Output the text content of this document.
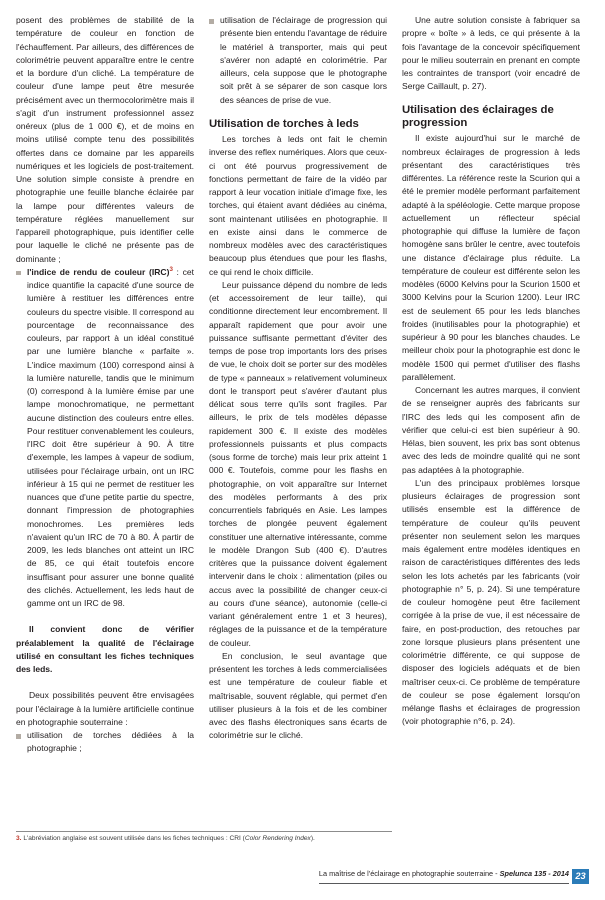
posent des problèmes de stabilité de la température de couleur en fonction de l'échauffement. Par ailleurs, des différences de colorimétrie peuvent apparaître entre le centre et la bordure d'un cliché. La température de couleur d'une lampe peut être mesurée précisément avec un thermocolorimètre mais il s'agit d'un instrument professionnel assez onéreux (plus de 1 000 €), et de moins en moins utilisé compte tenu des possibilités offertes dans ce domaine par les appareils numériques et les logiciels de post-traitement. Une solution simple consiste à prendre en photographie une feuille blanche éclairée par la lampe pour différentes valeurs de température réglées manuellement sur l'appareil photographique, puis identifier celle pour laquelle le cliché ne présente pas de dominante ;

l'indice de rendu de couleur (IRC)$^3$ : cet indice quantifie la capacité d'une source de lumière à restituer les différences entre couleurs du spectre visible. Il correspond au pourcentage de reconnaissance des couleurs, par rapport à un idéal constitué par une lumière blanche « parfaite ». L'indice maximum (100) correspond ainsi à la lumière naturelle, tandis que le minimum (0) correspond à la lumière émise par une lampe monochromatique, ne permettant aucune distinction des couleurs entre elles. Pour restituer convenablement les couleurs, l'IRC doit être supérieur à 90. À titre d'exemple, les lampes à vapeur de sodium, utilisées pour l'éclairage urbain, ont un IRC inférieur à 15 qui ne permet de restituer les nuances que d'une petite partie du spectre, donnant l'impression de photographies monochromes. Les premières leds n'avaient qu'un IRC de 70 à 80. À partir de 2009, les leds blanches ont atteint un IRC de 85, ce qui était toutefois encore insuffisant pour assurer une bonne qualité des clichés. Actuellement, les leds haut de gamme ont un IRC de 98.

Il convient donc de vérifier préalablement la qualité de l'éclairage utilisé en consultant les fiches techniques des leds.

Deux possibilités peuvent être envisagées pour l'éclairage à la lumière artificielle continue en photographie souterraine :

utilisation de torches dédiées à la photographie ;
utilisation de l'éclairage de progression qui présente bien entendu l'avantage de réduire le matériel à transporter, mais qui peut s'avérer non adapté en colorimétrie. Par ailleurs, cela suppose que le photographe soit prêt à se séparer de son casque lors des séances de prise de vue.
Utilisation de torches à leds

Les torches à leds ont fait le chemin inverse des reflex numériques. Alors que ceux-ci ont été pourvus progressivement de fonctions permettant de faire de la vidéo par rapport à leur vocation initiale d'image fixe, les torches, qui étaient avant dédiées au cinéma, sont maintenant utilisées en photographie. Il en existe ainsi dans le commerce de nombreux modèles avec des caractéristiques beaucoup plus étendues que pour les flashs, ce qui rend le choix difficile.

Leur puissance dépend du nombre de leds (et accessoirement de leur taille), qui conditionne directement leur encombrement. Il apparaît rapidement que pour avoir une puissance suffisante permettant d'éviter des temps de pose trop importants lors des prises de vue, le choix doit se porter sur des modèles de type « panneaux » relativement volumineux dont le transport peut s'avérer d'autant plus délicat sous terre qu'ils sont fragiles. Par ailleurs, le prix de tels modèles dépasse rapidement 300 €. Il existe des modèles professionnels puissants et plus compacts (sous forme de torche) mais leur prix atteint 1 000 €. Toutefois, comme pour les flashs en photographie, on voit apparaître sur Internet des modèles performants à des prix concurrentiels fabriqués en Asie. Les lampes torches de plongée peuvent également constituer une alternative intéressante, comme le modèle Drangon Sub (400 €). D'autres critères que la puissance doivent également intervenir dans le choix : alimentation (piles ou accus avec la possibilité de changer ceux-ci au cours d'une séance), autonomie (celle-ci variant généralement entre 1 et 3 heures), réglages de la puissance et de la température de couleur.

En conclusion, le seul avantage que présentent les torches à leds commercialisées est une température de couleur fiable et maîtrisable, souvent réglable, qui permet d'en utiliser plusieurs à la fois et de les combiner avec des flashs électroniques sans écarts de colorimétrie sur le cliché.

Une autre solution consiste à fabriquer sa propre « boîte » à leds, ce qui présente à la fois l'avantage de la concevoir spécifiquement pour le milieu souterrain en prenant en compte les contraintes de transport (voir encadré de Serge Caillault, p. 27).

Utilisation des éclairages de progression

Il existe aujourd'hui sur le marché de nombreux éclairages de progression à leds présentant des caractéristiques très différentes. La référence reste la Scurion qui a été le premier modèle performant parfaitement adapté à la spéléologie. Cette marque propose actuellement un réflecteur spécial photographie qui diffuse la lumière de façon homogène sans brûler le centre, avec toutefois une distance d'éclairage plus réduite. La température de couleur est différente selon les modèles (6000 Kelvins pour la Scurion 1500 et 3000 Kelvins pour la Scurion 1200). Leur IRC est de seulement 65 pour les leds blanches froides (inutilisables pour la photographie) et supérieur à 90 pour les blanches chaudes. Le meilleur choix pour la photographie est donc le modèle 1500 qui permet d'utiliser des flashs parallèlement.

Concernant les autres marques, il convient de se renseigner auprès des fabricants sur l'IRC des leds qui les composent afin de vérifier que celui-ci est bien supérieur à 90. Hélas, bien souvent, les prix bas sont obtenus avec des leds de moindre qualité qui ne sont pas adaptées à la photographie.

L'un des principaux problèmes lorsque plusieurs éclairages de progression sont utilisés ensemble est la différence de température de couleur qu'ils peuvent présenter non seulement selon les marques mais également entre modèles identiques en raison de caractéristiques différentes des leds selon les lots achetés par les fabricants (voir photographie n° 5, p. 24). Si une température de couleur homogène peut être facilement corrigée à la prise de vue, il est nécessaire de faire, en post-production, des retouches par zone lorsque plusieurs plans présentent une colorimétrie différente, ce qui suppose de disposer des logiciels adéquats et de bien maîtriser ceux-ci. Ce problème de température de couleur se pose également lorsqu'on mélange flashs et éclairages de progression (voir photographie n°6, p. 24).

3. L'abréviation anglaise est souvent utilisée dans les fiches techniques : CRI (Color Rendering Index).
La maîtrise de l'éclairage en photographie souterraine - Spelunca 135 - 2014 23
